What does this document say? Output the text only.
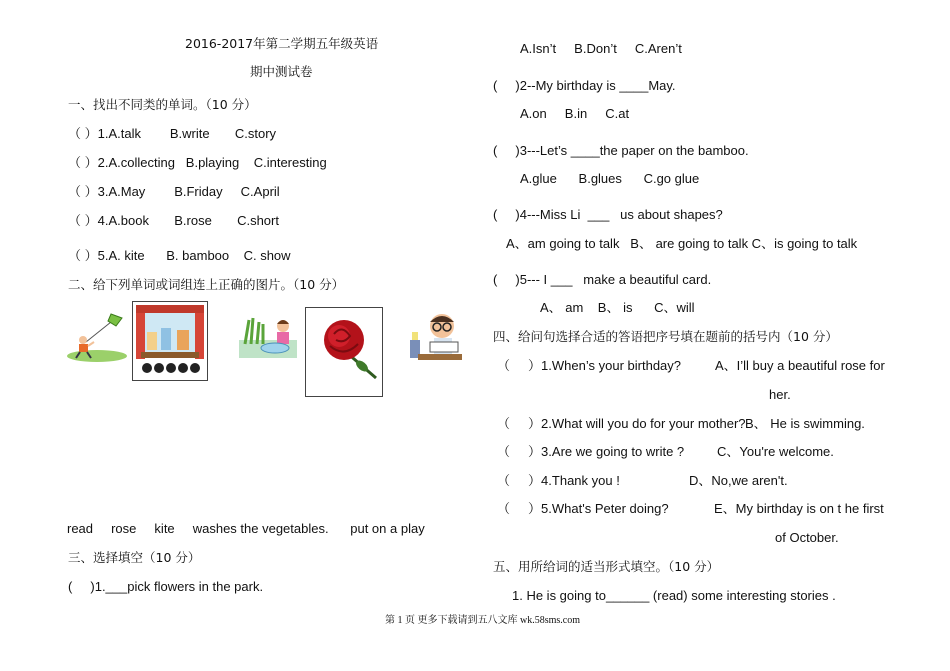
2016-2017年第二学期五年级英语
期中测试卷
一、找出不同类的单词。（10 分）
（ ）1.A.talk        B.write       C.story
（ ）2.A.collecting   B.playing    C.interesting
（ ）3.A.May        B.Friday     C.April
（ ）4.A.book       B.rose       C.short
（ ）5.A. kite      B. bamboo    C. show
二、给下列单词或词组连上正确的图片。（10 分）
read     rose     kite     washes the vegetables.      put on a play
三、选择填空（10 分）
(     )1.___pick flowers in the park.
A.Isn’t     B.Don’t     C.Aren’t
(     )2--My birthday is ____May.
A.on     B.in     C.at
(     )3---Let’s ____the paper on the bamboo.
A.glue      B.glues      C.go glue
(     )4---Miss Li  ___   us about shapes?
A、am going to talk   B、 are going to talk C、is going to talk
(     )5--- I ___   make a beautiful card.
A、 am    B、 is      C、will
四、给问句选择合适的答语把序号填在题前的括号内（10 分）
（     ）1.When’s your birthday?	A、I’ll buy a beautiful rose for
her.
（     ）2.What will you do for your mother? B、 He is swimming.
（     ）3.Are we going to write ?	C、You're welcome.
（     ）4.Thank you !	D、No,we aren't.
（     ）5.What's Peter doing?	E、My birthday is on t he first
of October.
五、用所给词的适当形式填空。（10 分）
1. He is going to______ (read) some interesting stories .
第 1 页 更多下载请到五八文库 wk.58sms.com
